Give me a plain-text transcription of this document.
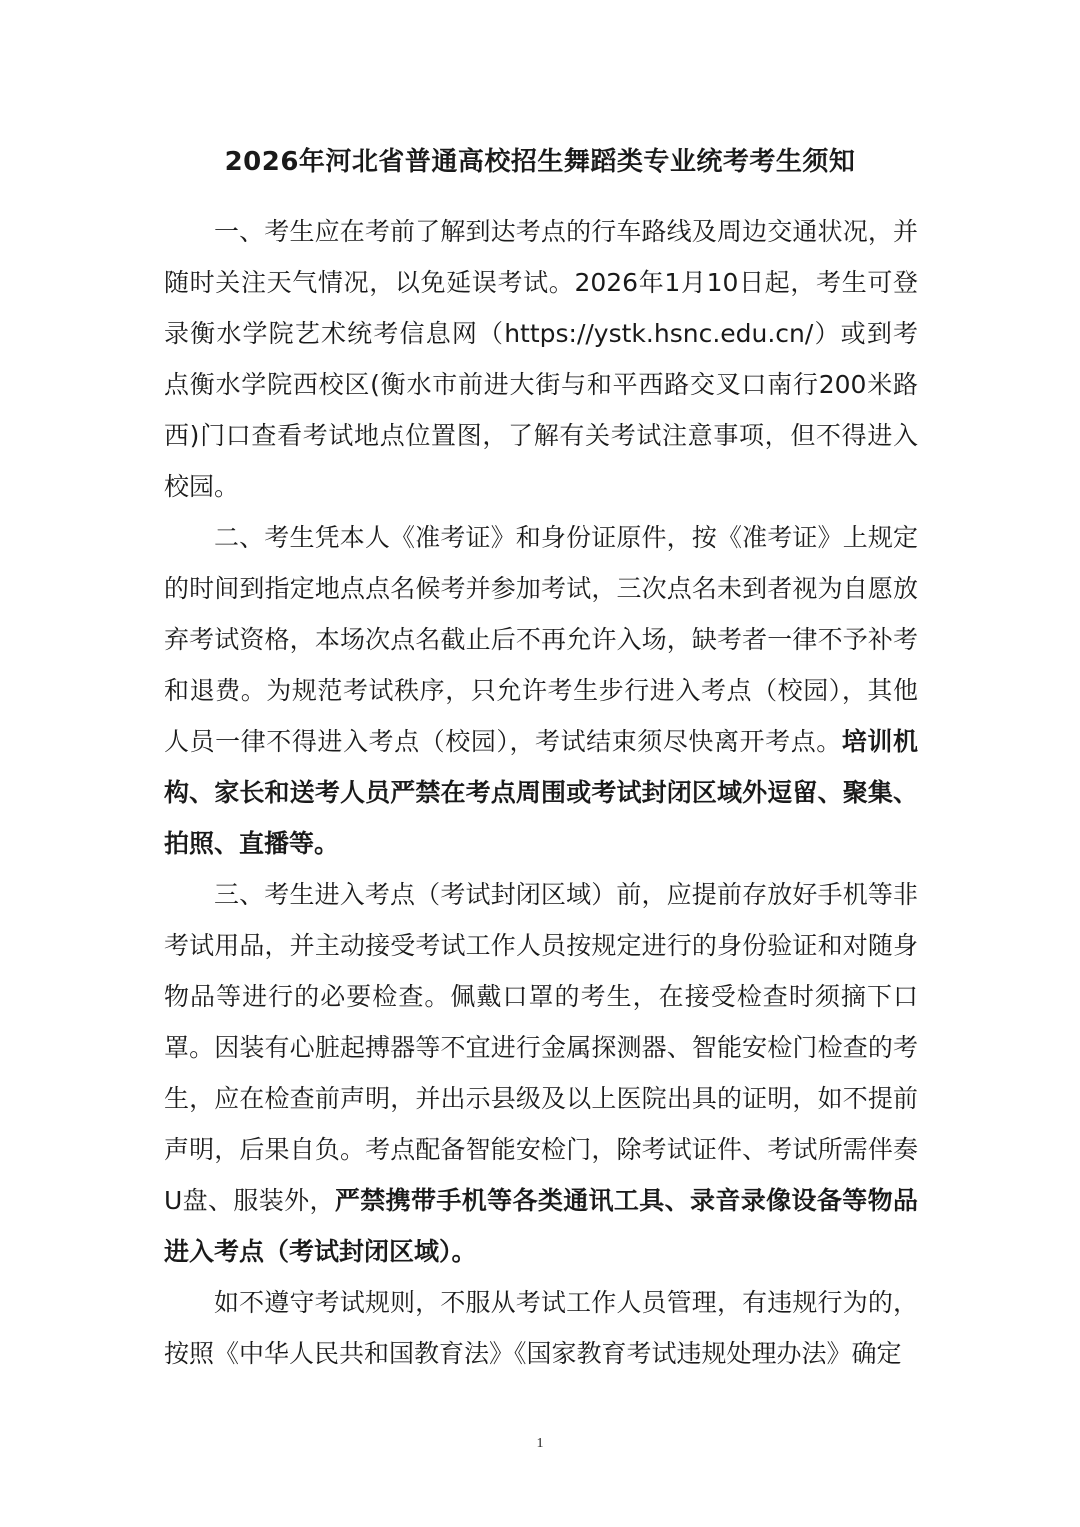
2026年河北省普通高校招生舞蹈类专业统考考生须知

一、考生应在考前了解到达考点的行车路线及周边交通状况，并随时关注天气情况，以免延误考试。2026年1月10日起，考生可登录衡水学院艺术统考信息网（https://ystk.hsnc.edu.cn/）或到考点衡水学院西校区(衡水市前进大街与和平西路交叉口南行200米路西)门口查看考试地点位置图，了解有关考试注意事项，但不得进入校园。

二、考生凭本人《准考证》和身份证原件，按《准考证》上规定的时间到指定地点点名候考并参加考试，三次点名未到者视为自愿放弃考试资格，本场次点名截止后不再允许入场，缺考者一律不予补考和退费。为规范考试秩序，只允许考生步行进入考点（校园），其他人员一律不得进入考点（校园），考试结束须尽快离开考点。培训机构、家长和送考人员严禁在考点周围或考试封闭区域外逗留、聚集、拍照、直播等。

三、考生进入考点（考试封闭区域）前，应提前存放好手机等非考试用品，并主动接受考试工作人员按规定进行的身份验证和对随身物品等进行的必要检查。佩戴口罩的考生，在接受检查时须摘下口罩。因装有心脏起搏器等不宜进行金属探测器、智能安检门检查的考生，应在检查前声明，并出示县级及以上医院出具的证明，如不提前声明，后果自负。考点配备智能安检门，除考试证件、考试所需伴奏U盘、服装外，严禁携带手机等各类通讯工具、录音录像设备等物品进入考点（考试封闭区域）。

如不遵守考试规则，不服从考试工作人员管理，有违规行为的，按照《中华人民共和国教育法》《国家教育考试违规处理办法》确定

1
